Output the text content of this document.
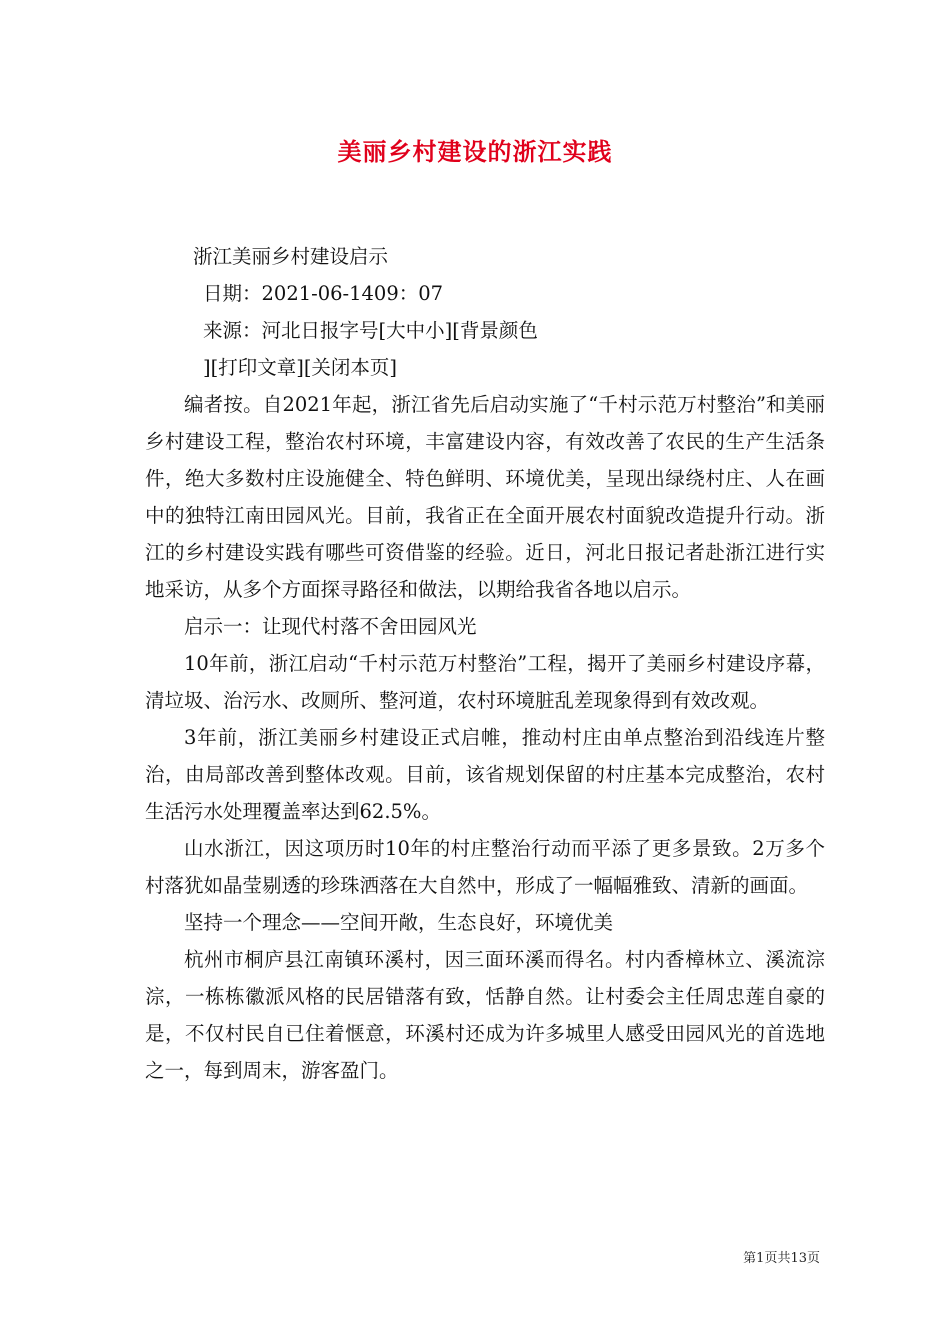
美丽乡村建设的浙江实践

浙江美丽乡村建设启示

日期：2021-06-1409：07

来源：河北日报字号[大中小][背景颜色

][打印文章][关闭本页]

编者按。自2021年起，浙江省先后启动实施了“千村示范万村整治”和美丽乡村建设工程，整治农村环境，丰富建设内容，有效改善了农民的生产生活条件，绝大多数村庄设施健全、特色鲜明、环境优美，呈现出绿绕村庄、人在画中的独特江南田园风光。目前，我省正在全面开展农村面貌改造提升行动。浙江的乡村建设实践有哪些可资借鉴的经验。近日，河北日报记者赴浙江进行实地采访，从多个方面探寻路径和做法，以期给我省各地以启示。

启示一：让现代村落不舍田园风光

10年前，浙江启动“千村示范万村整治”工程，揭开了美丽乡村建设序幕，清垃圾、治污水、改厕所、整河道，农村环境脏乱差现象得到有效改观。

3年前，浙江美丽乡村建设正式启帷，推动村庄由单点整治到沿线连片整治，由局部改善到整体改观。目前，该省规划保留的村庄基本完成整治，农村生活污水处理覆盖率达到62.5%。

山水浙江，因这项历时10年的村庄整治行动而平添了更多景致。2万多个村落犹如晶莹剔透的珍珠洒落在大自然中，形成了一幅幅雅致、清新的画面。

坚持一个理念——空间开敞，生态良好，环境优美

杭州市桐庐县江南镇环溪村，因三面环溪而得名。村内香樟林立、溪流淙淙，一栋栋徽派风格的民居错落有致，恬静自然。让村委会主任周忠莲自豪的是，不仅村民自已住着惬意，环溪村还成为许多城里人感受田园风光的首选地之一，每到周末，游客盈门。

第1页共13页
